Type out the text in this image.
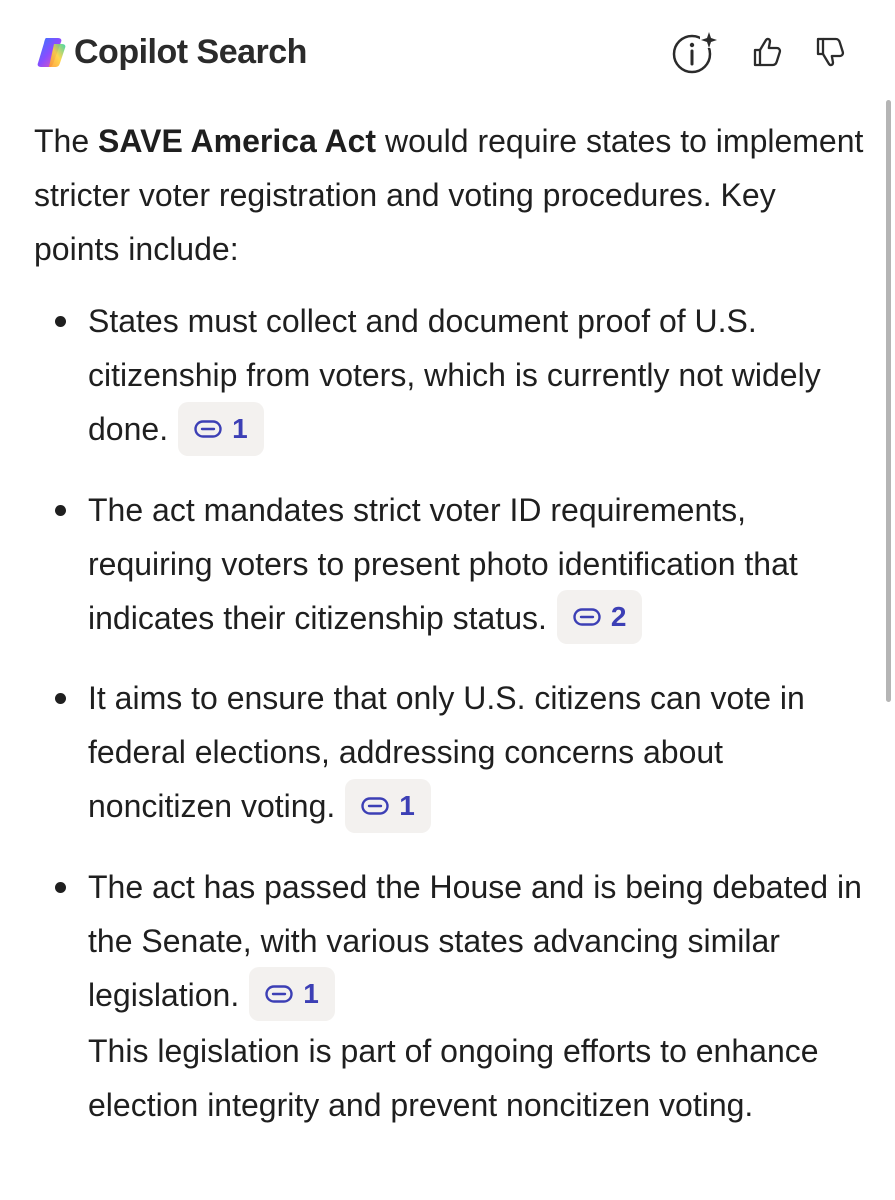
Copilot Search

The SAVE America Act would require states to implement stricter voter registration and voting procedures. Key points include:

States must collect and document proof of U.S. citizenship from voters, which is currently not widely done. 1
The act mandates strict voter ID requirements, requiring voters to present photo identification that indicates their citizenship status. 2
It aims to ensure that only U.S. citizens can vote in federal elections, addressing concerns about noncitizen voting. 1
The act has passed the House and is being debated in the Senate, with various states advancing similar legislation. 1
This legislation is part of ongoing efforts to enhance election integrity and prevent noncitizen voting.
